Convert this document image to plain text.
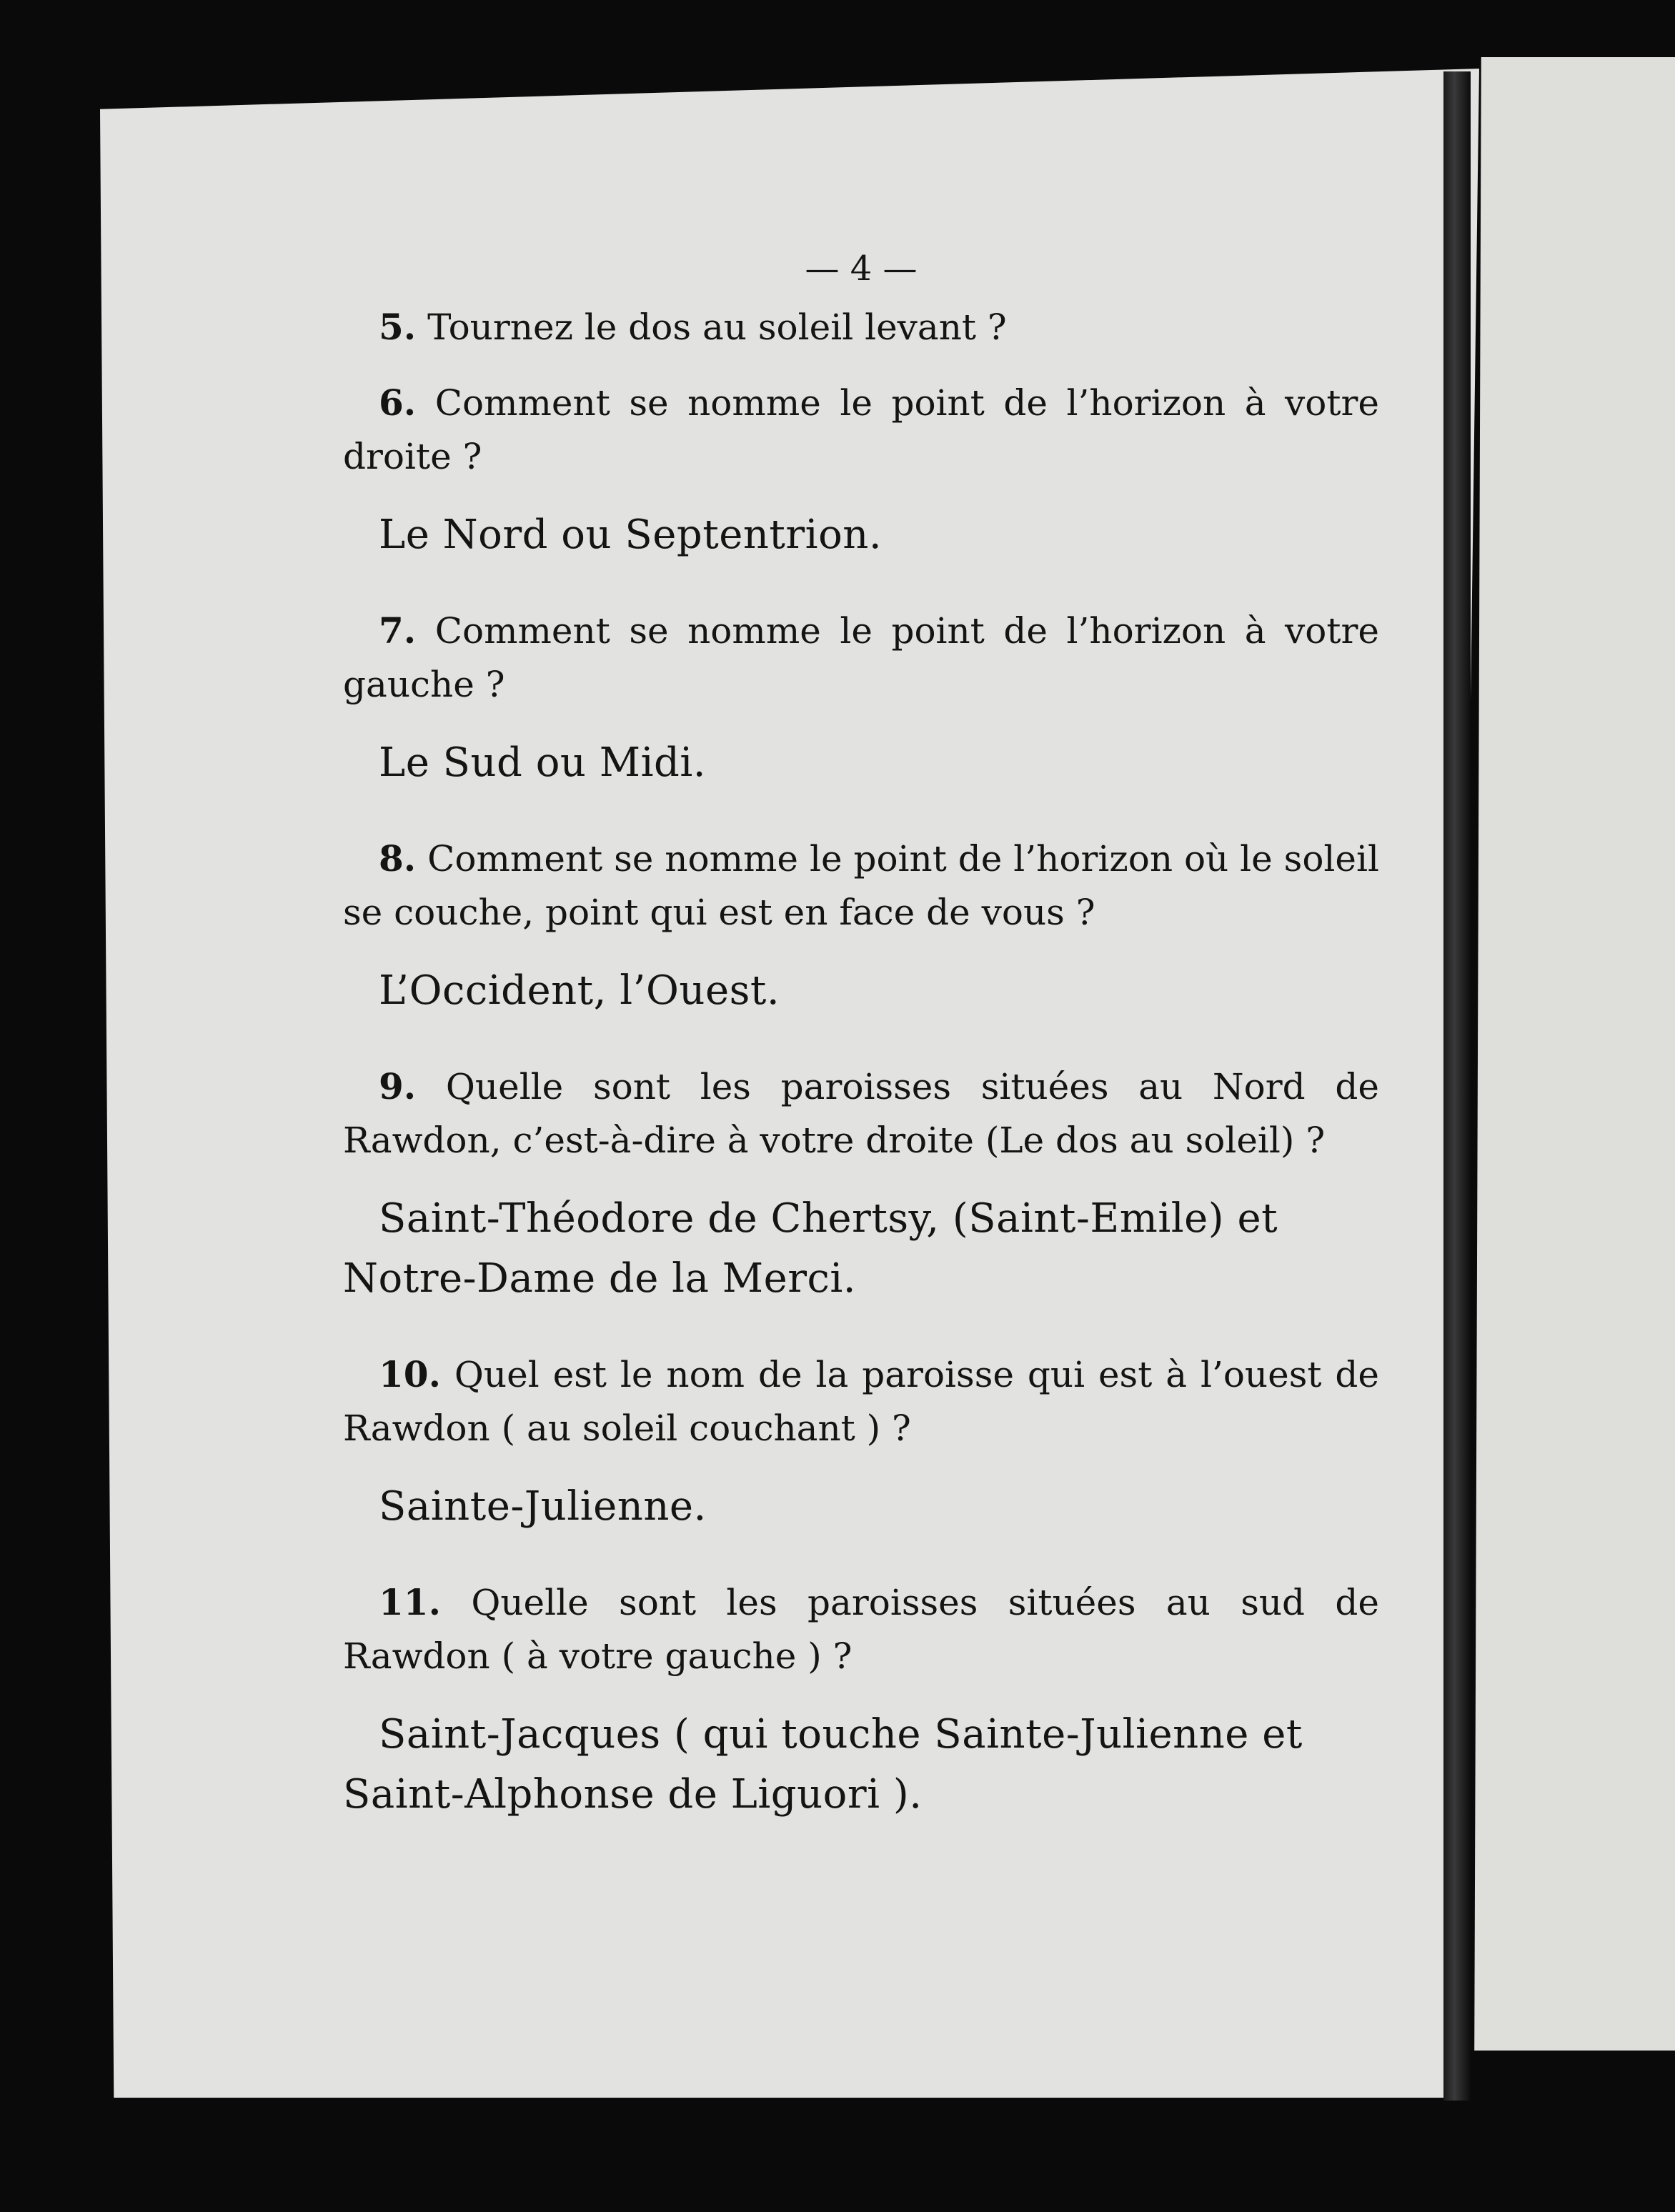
— 4 —

5. Tournez le dos au soleil levant ?

6. Comment se nomme le point de l’horizon à votre droite ?

Le Nord ou Septentrion.

7. Comment se nomme le point de l’horizon à votre gauche ?

Le Sud ou Midi.

8. Comment se nomme le point de l’horizon où le soleil se couche, point qui est en face de vous ?

L’Occident, l’Ouest.

9. Quelle sont les paroisses situées au Nord de Rawdon, c’est-à-dire à votre droite (Le dos au soleil) ?

Saint-Théodore de Chertsy, (Saint-Emile) et Notre-Dame de la Merci.

10. Quel est le nom de la paroisse qui est à l’ouest de Rawdon ( au soleil couchant ) ?

Sainte-Julienne.

11. Quelle sont les paroisses situées au sud de Rawdon ( à votre gauche ) ?

Saint-Jacques ( qui touche Sainte-Julienne et Saint-Alphonse de Liguori ).
